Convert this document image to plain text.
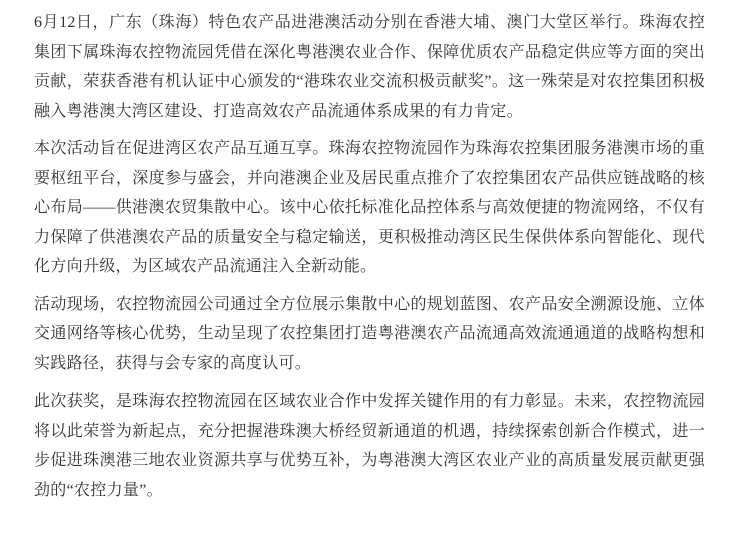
6月12日，广东（珠海）特色农产品进港澳活动分别在香港大埔、澳门大堂区举行。珠海农控集团下属珠海农控物流园凭借在深化粤港澳农业合作、保障优质农产品稳定供应等方面的突出贡献，荣获香港有机认证中心颁发的“港珠农业交流积极贡献奖”。这一殊荣是对农控集团积极融入粤港澳大湾区建设、打造高效农产品流通体系成果的有力肯定。

本次活动旨在促进湾区农产品互通互享。珠海农控物流园作为珠海农控集团服务港澳市场的重要枢纽平台，深度参与盛会，并向港澳企业及居民重点推介了农控集团农产品供应链战略的核心布局——供港澳农贸集散中心。该中心依托标准化品控体系与高效便捷的物流网络，不仅有力保障了供港澳农产品的质量安全与稳定输送，更积极推动湾区民生保供体系向智能化、现代化方向升级，为区域农产品流通注入全新动能。

活动现场，农控物流园公司通过全方位展示集散中心的规划蓝图、农产品安全溯源设施、立体交通网络等核心优势，生动呈现了农控集团打造粤港澳农产品流通高效流通通道的战略构想和实践路径，获得与会专家的高度认可。

此次获奖，是珠海农控物流园在区域农业合作中发挥关键作用的有力彰显。未来，农控物流园将以此荣誉为新起点，充分把握港珠澳大桥经贸新通道的机遇，持续探索创新合作模式，进一步促进珠澳港三地农业资源共享与优势互补，为粤港澳大湾区农业产业的高质量发展贡献更强劲的“农控力量”。
